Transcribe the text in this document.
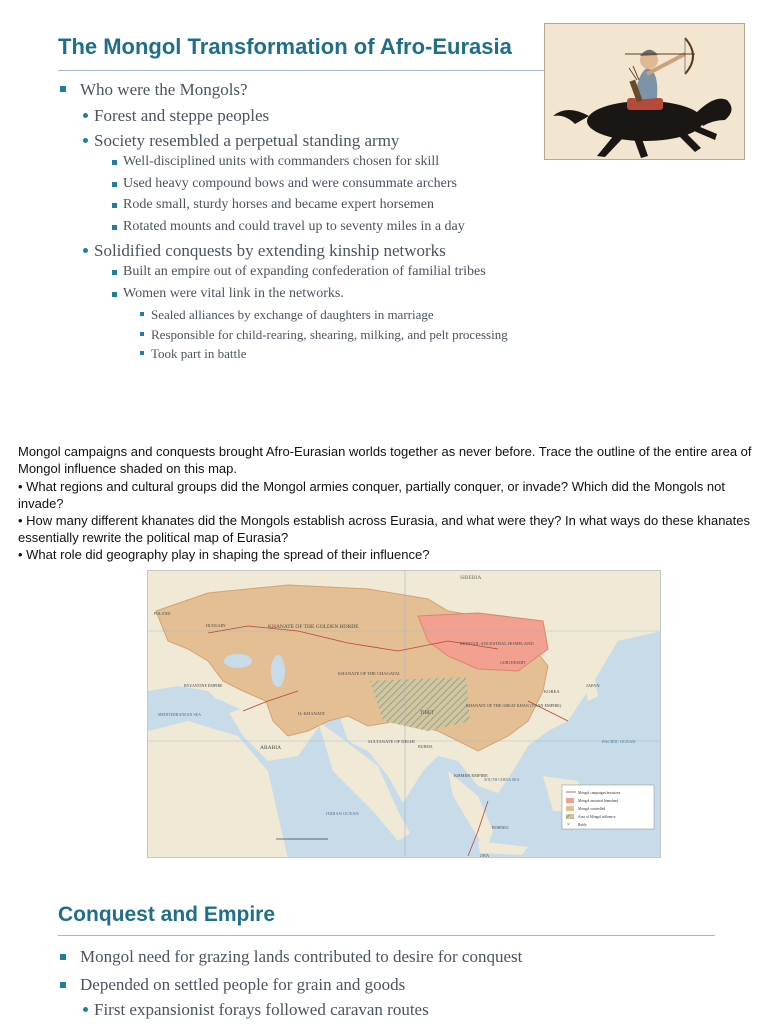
The Mongol Transformation of Afro-Eurasia
Who were the Mongols?
Forest and steppe peoples
Society resembled a perpetual standing army
Well-disciplined units with commanders chosen for skill
Used heavy compound bows and were consummate archers
Rode small, sturdy horses and became expert horsemen
Rotated mounts and could travel up to seventy miles in a day
Solidified conquests by extending kinship networks
Built an empire out of expanding confederation of familial tribes
Women were vital link in the networks.
Sealed alliances by exchange of daughters in marriage
Responsible for child-rearing, shearing, milking, and pelt processing
Took part in battle

Mongol campaigns and conquests brought Afro-Eurasian worlds together as never before. Trace the outline of the entire area of Mongol influence shaded on this map.

• What regions and cultural groups did the Mongol armies conquer, partially conquer, or invade? Which did the Mongols not invade?

• How many different khanates did the Mongols establish across Eurasia, and what were they? In what ways do these khanates essentially rewrite the political map of Eurasia?

• What role did geography play in shaping the spread of their influence?

SIBERIA
KHANATE OF THE GOLDEN HORDE
MONGOL ANCESTRAL HOMELAND
GOBI DESERT
KHANATE OF THE CHAGATAI
KHANATE OF THE GREAT KHAN (YUAN EMPIRE)
IL-KHANATE
BYZANTINE EMPIRE
MEDITERRANEAN SEA
ARABIA
SULTANATE OF DELHI
TIBET
BURMA
KOREA
JAPAN
KHMER EMPIRE
POLAND
HUNGARY
INDIAN OCEAN
PACIFIC OCEAN
SOUTH CHINA SEA
BORNEO
JAVA
×
Mongol campaigns/invasions
Mongol ancestral homeland
Mongol-controlled
Area of Mongol influence
Battle
Conquest and Empire
Mongol need for grazing lands contributed to desire for conquest
Depended on settled people for grain and goods
First expansionist forays followed caravan routes
